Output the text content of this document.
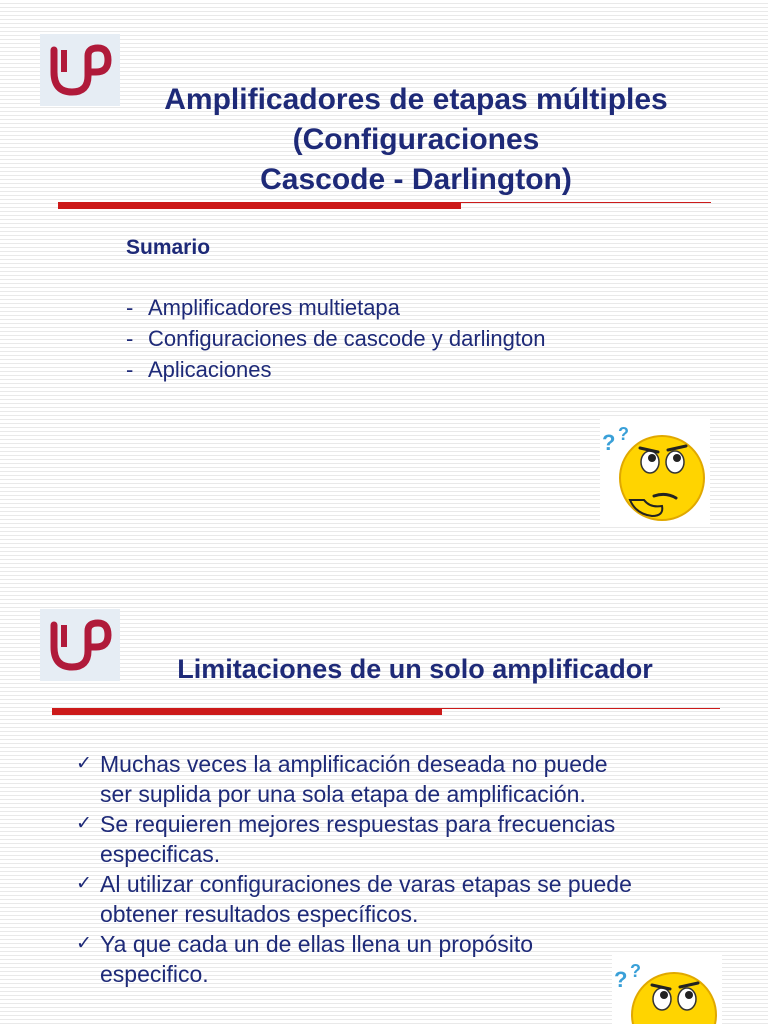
Amplificadores de etapas múltiples
(Configuraciones
Cascode - Darlington)
Sumario
- Amplificadores multietapa
- Configuraciones de cascode y darlington
- Aplicaciones
? ?
Limitaciones de un solo amplificador
✓ Muchas veces la amplificación deseada no puede
ser suplida por una sola etapa de amplificación.
✓ Se requieren mejores respuestas para frecuencias
especificas.
✓ Al utilizar configuraciones de varas etapas se puede
obtener resultados específicos.
✓ Ya que cada un de ellas llena un propósito
especifico.	? ?
